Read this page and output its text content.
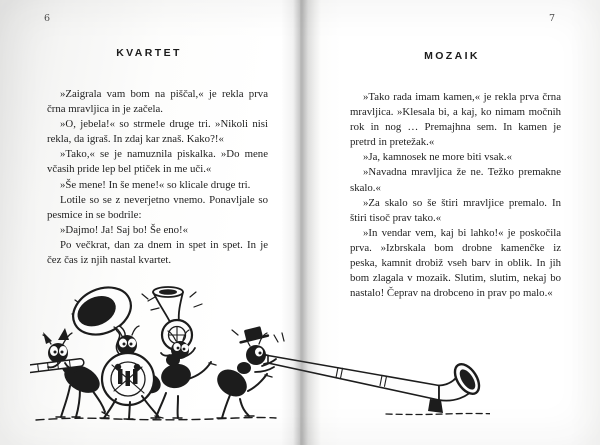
6
KVARTET

»Zaigrala vam bom na piščal,« je rekla prva črna mravljica in je začela.

»O, jebela!« so strmele druge tri. »Nikoli nisi rekla, da igraš. In zdaj kar znaš. Kako?!«

»Tako,« se je namuznila piskalka. »Do mene včasih pride lep bel ptiček in me uči.«

»Še mene! In še mene!« so klicale druge tri.

Lotile so se z neverjetno vnemo. Ponavljale so pesmice in se bodrile:

»Dajmo! Ja! Saj bo! Še eno!«

Po večkrat, dan za dnem in spet in spet. In je čez čas iz njih nastal kvartet.

7
MOZAIK

»Tako rada imam kamen,« je rekla prva črna mravljica. »Klesala bi, a kaj, ko nimam močnih rok in nog … Premajhna sem. In kamen je pretrd in pretežak.«

»Ja, kamnosek ne more biti vsak.«

»Navadna mravljica že ne. Težko premakne skalo.«

»Za skalo so še štiri mravljice premalo. In štiri tisoč prav tako.«

»In vendar vem, kaj bi lahko!« je poskočila prva. »Izbrskala bom drobne kamenčke iz peska, kamnit drobiž vseh barv in oblik. In jih bom zlagala v mozaik. Slutim, slutim, nekaj bo nastalo! Čeprav na drobceno in prav po malo.«
